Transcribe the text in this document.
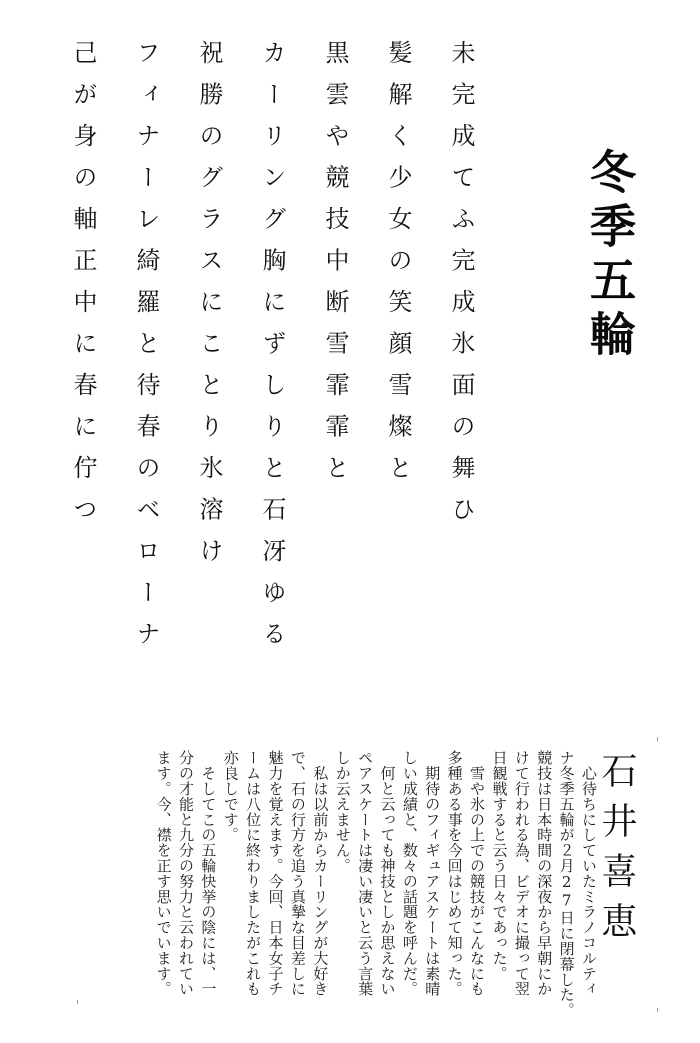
冬季五輪
未完成てふ完成氷面の舞ひ
髪解く少女の笑顔雪燦と
黒雲や競技中断雪霏霏と
カーリング胸にずしりと石冴ゆる
祝勝のグラスにことり氷溶け
フィナーレ綺羅と待春のベローナ
己が身の軸正中に春に佇つ
石井喜恵
　心待ちにしていたミラノコルティ
ナ冬季五輪が２月27日に閉幕した。
競技は日本時間の深夜から早朝にか
けて行われる為、ビデオに撮って翌
日観戦すると云う日々であった。
　雪や氷の上での競技がこんなにも
多種ある事を今回はじめて知った。
　期待のフィギュアスケートは素晴
しい成績と、数々の話題を呼んだ。
　何と云っても神技としか思えない
ペアスケートは凄い凄いと云う言葉
しか云えません。
　私は以前からカーリングが大好き
で、石の行方を追う真摯な目差しに
魅力を覚えます。今回、日本女子チ
ームは八位に終わりましたがこれも
亦良しです。
　そしてこの五輪快挙の陰には、一
分の才能と九分の努力と云われてい
ます。今、襟を正す思いでいます。
